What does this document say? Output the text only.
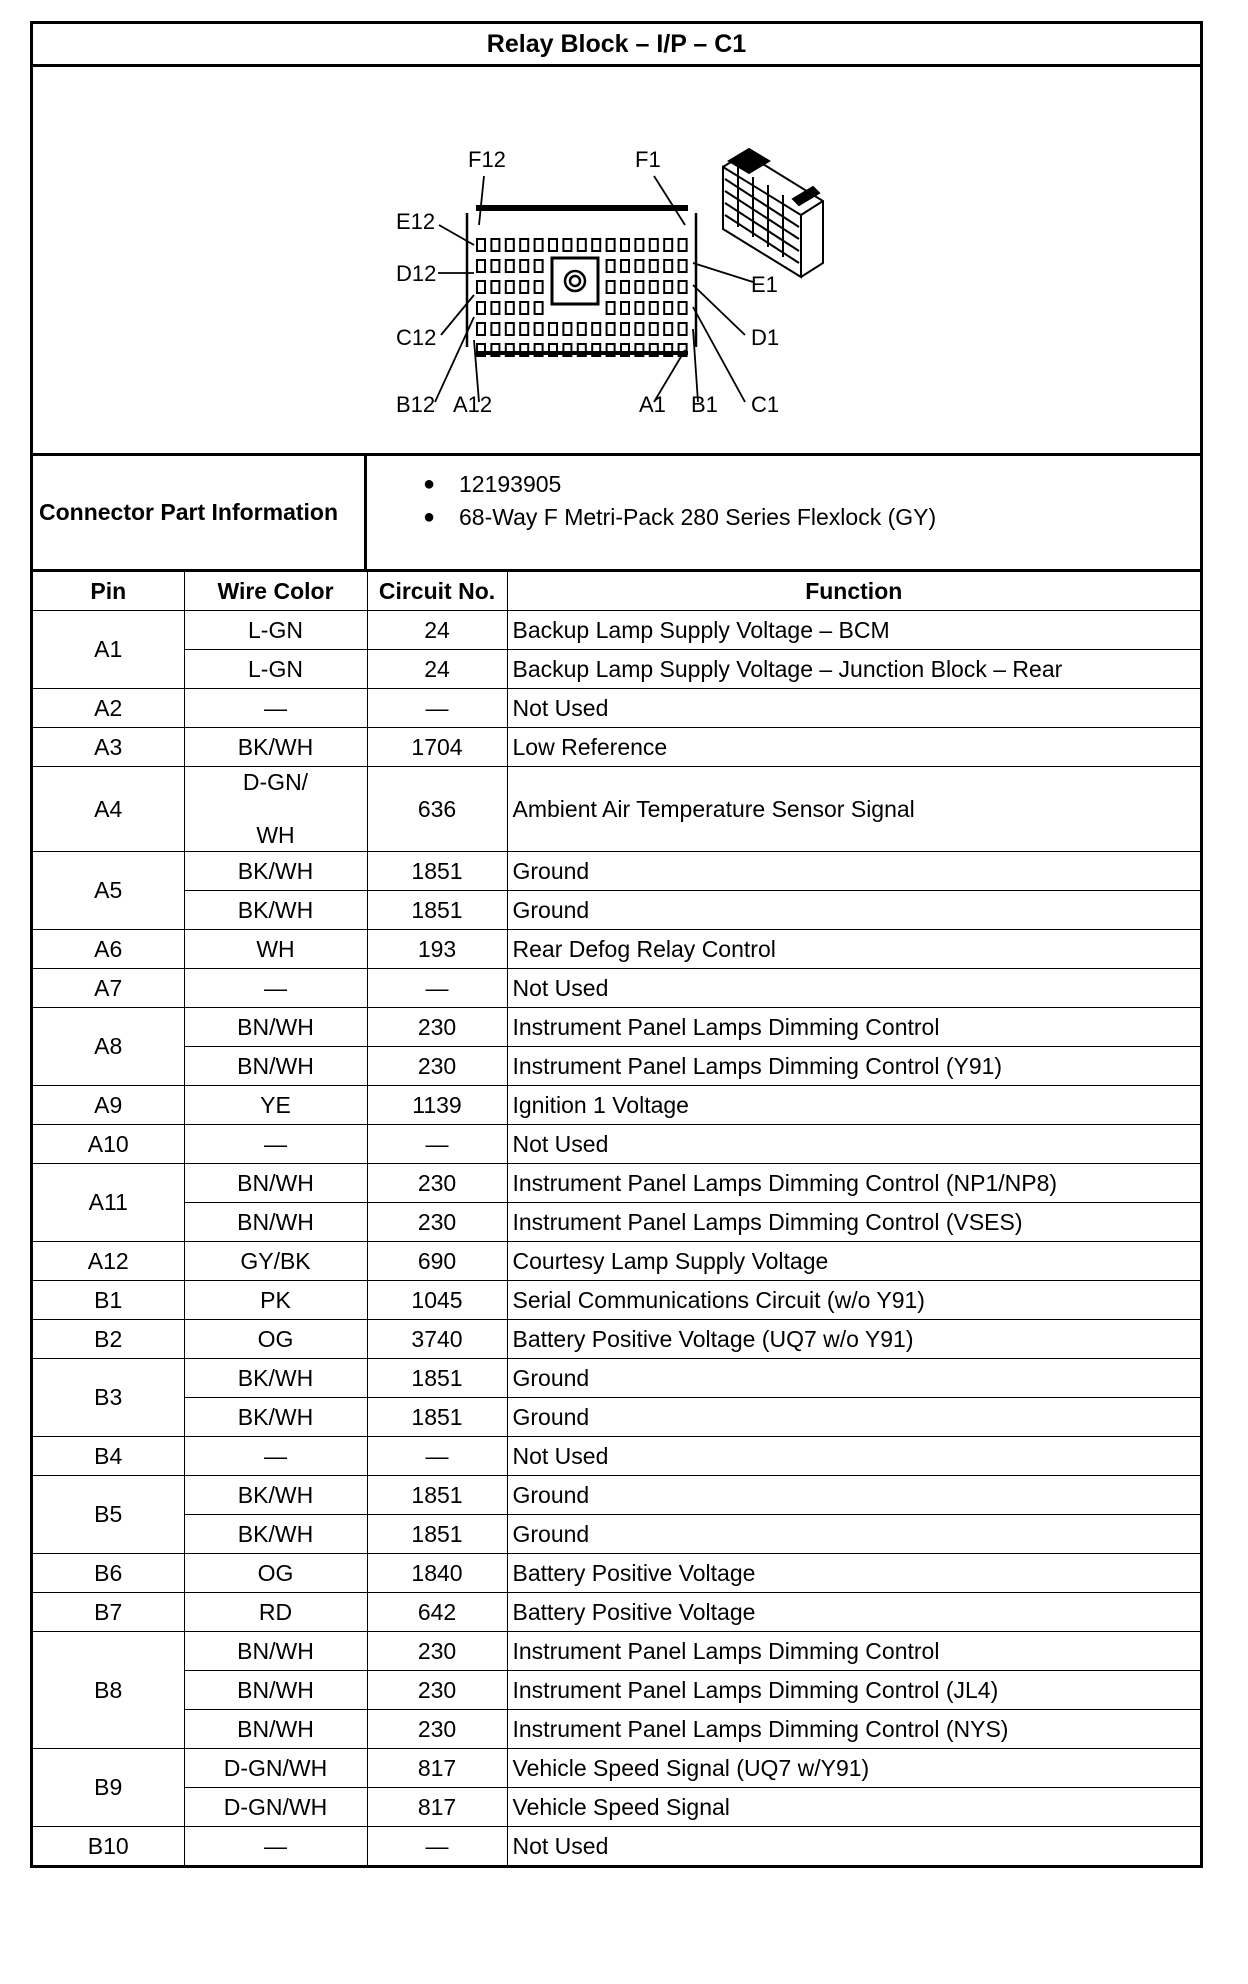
Relay Block – I/P – C1
F12	F1
E12
E1
D12
D1
C12
C1
B12	B1
A12	A1
Connector Part Information
●	12193905
●	68-Way F Metri-Pack 280 Series Flexlock (GY)
Pin	Wire Color	Circuit No.	Function
A1	L-GN	24	Backup Lamp Supply Voltage – BCM
	L-GN	24	Backup Lamp Supply Voltage – Junction Block – Rear
A2	—	—	Not Used
A3	BK/WH	1704	Low Reference
A4	D-GN/
WH	636	Ambient Air Temperature Sensor Signal
A5	BK/WH	1851	Ground
	BK/WH	1851	Ground
A6	WH	193	Rear Defog Relay Control
A7	—	—	Not Used
A8	BN/WH	230	Instrument Panel Lamps Dimming Control
	BN/WH	230	Instrument Panel Lamps Dimming Control (Y91)
A9	YE	1139	Ignition 1 Voltage
A10	—	—	Not Used
A11	BN/WH	230	Instrument Panel Lamps Dimming Control (NP1/NP8)
	BN/WH	230	Instrument Panel Lamps Dimming Control (VSES)
A12	GY/BK	690	Courtesy Lamp Supply Voltage
B1	PK	1045	Serial Communications Circuit (w/o Y91)
B2	OG	3740	Battery Positive Voltage (UQ7 w/o Y91)
B3	BK/WH	1851	Ground
	BK/WH	1851	Ground
B4	—	—	Not Used
B5	BK/WH	1851	Ground
	BK/WH	1851	Ground
B6	OG	1840	Battery Positive Voltage
B7	RD	642	Battery Positive Voltage
B8	BN/WH	230	Instrument Panel Lamps Dimming Control
	BN/WH	230	Instrument Panel Lamps Dimming Control (JL4)
	BN/WH	230	Instrument Panel Lamps Dimming Control (NYS)
B9	D-GN/WH	817	Vehicle Speed Signal (UQ7 w/Y91)
	D-GN/WH	817	Vehicle Speed Signal
B10	—	—	Not Used
